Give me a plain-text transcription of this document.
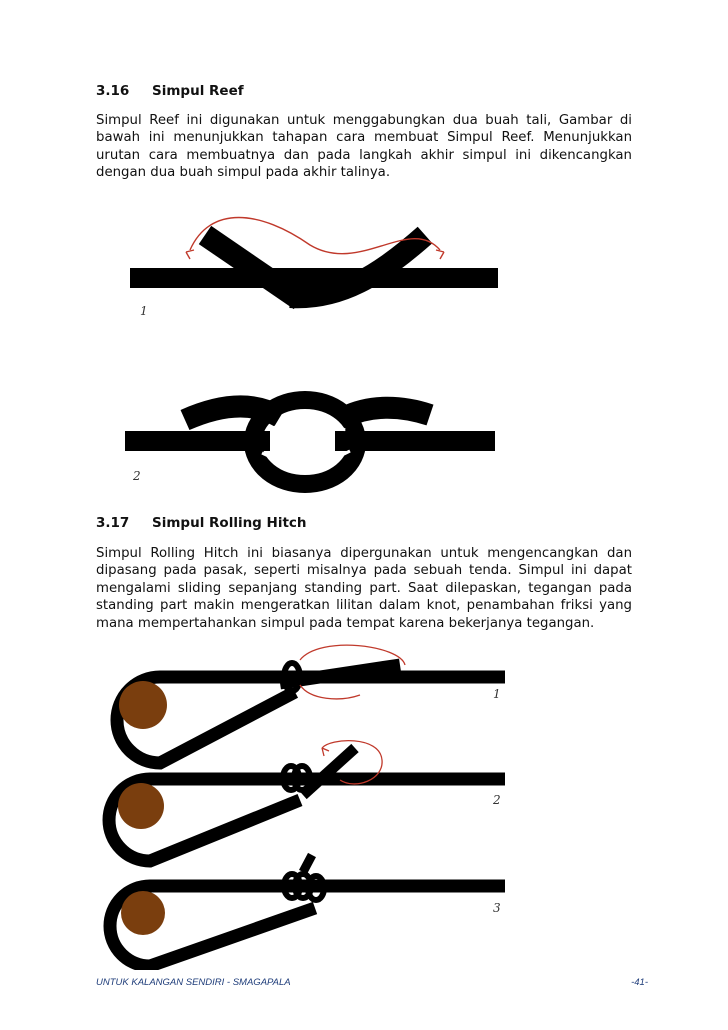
3.16 Simpul Reef
Simpul Reef ini digunakan untuk menggabungkan dua buah tali, Gambar di bawah ini menunjukkan tahapan cara membuat Simpul Reef. Menunjukkan urutan cara membuatnya dan pada langkah akhir simpul ini dikencangkan dengan dua buah simpul pada akhir talinya.
1
2
3.17 Simpul Rolling Hitch
Simpul Rolling Hitch ini biasanya dipergunakan untuk mengencangkan dan dipasang pada pasak, seperti misalnya pada sebuah tenda. Simpul ini dapat mengalami sliding sepanjang standing part. Saat dilepaskan, tegangan pada standing part makin mengeratkan lilitan dalam knot, penambahan friksi yang mana mempertahankan simpul pada tempat karena bekerjanya tegangan.
1
2
3
UNTUK KALANGAN SENDIRI - SMAGAPALA	-41-
